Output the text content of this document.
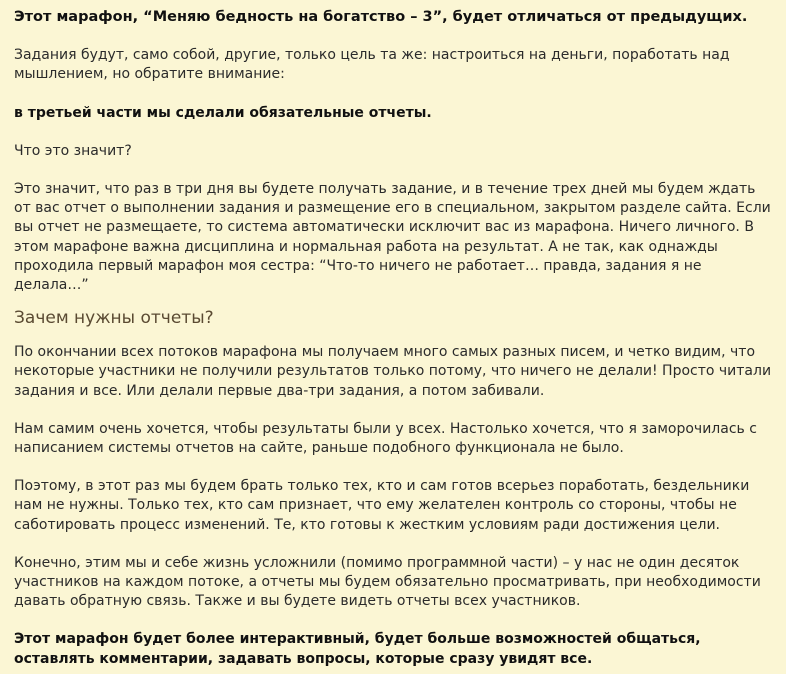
Этот марафон, “Меняю бедность на богатство – 3”, будет отличаться от предыдущих.

Задания будут, само собой, другие, только цель та же: настроиться на деньги, поработать над мышлением, но обратите внимание:

в третьей части мы сделали обязательные отчеты.

Что это значит?

Это значит, что раз в три дня вы будете получать задание, и в течение трех дней мы будем ждать от вас отчет о выполнении задания и размещение его в специальном, закрытом разделе сайта. Если вы отчет не размещаете, то система автоматически исключит вас из марафона. Ничего личного. В этом марафоне важна дисциплина и нормальная работа на результат. А не так, как однажды проходила первый марафон моя сестра: “Что-то ничего не работает… правда, задания я не делала…”

Зачем нужны отчеты?

По окончании всех потоков марафона мы получаем много самых разных писем, и четко видим, что некоторые участники не получили результатов только потому, что ничего не делали! Просто читали задания и все. Или делали первые два-три задания, а потом забивали.

Нам самим очень хочется, чтобы результаты были у всех. Настолько хочется, что я заморочилась с написанием системы отчетов на сайте, раньше подобного функционала не было.

Поэтому, в этот раз мы будем брать только тех, кто и сам готов всерьез поработать, бездельники нам не нужны. Только тех, кто сам признает, что ему желателен контроль со стороны, чтобы не саботировать процесс изменений. Те, кто готовы к жестким условиям ради достижения цели.

Конечно, этим мы и себе жизнь усложнили (помимо программной части) – у нас не один десяток участников на каждом потоке, а отчеты мы будем обязательно просматривать, при необходимости давать обратную связь. Также и вы будете видеть отчеты всех участников.

Этот марафон будет более интерактивный, будет больше возможностей общаться, оставлять комментарии, задавать вопросы, которые сразу увидят все.
